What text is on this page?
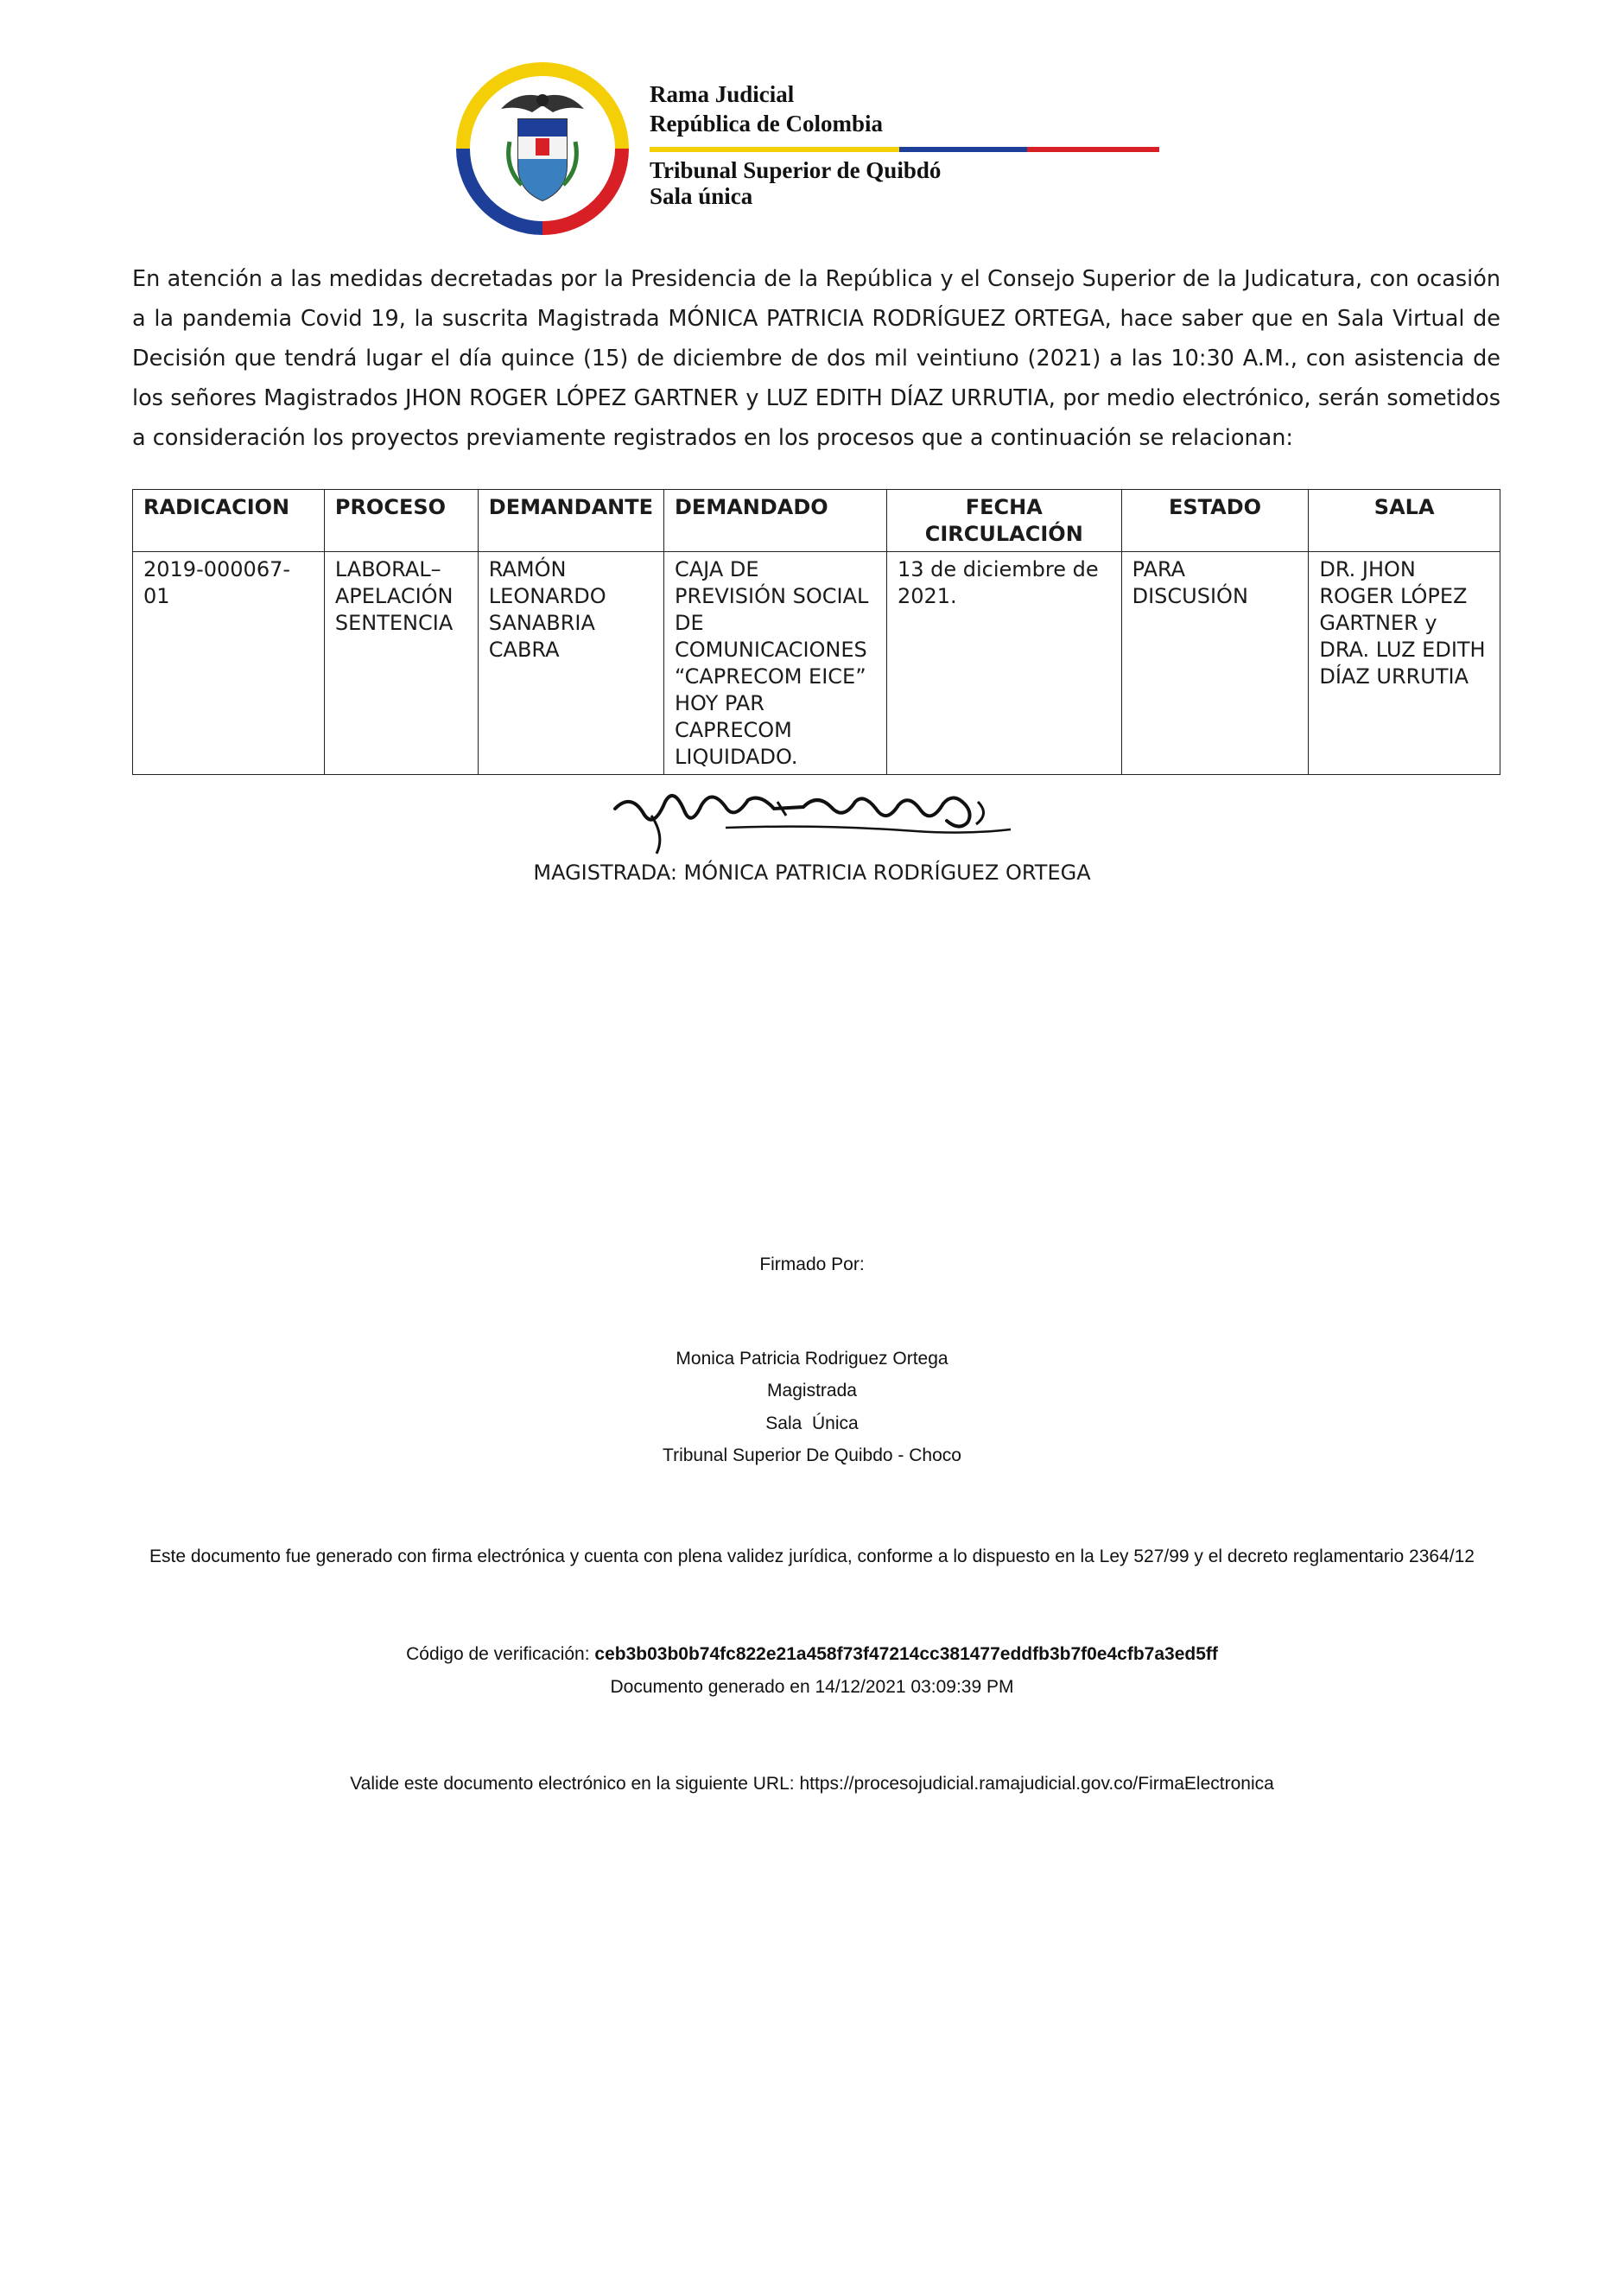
Rama Judicial
República de Colombia
Tribunal Superior de Quibdó
Sala única

En atención a las medidas decretadas por la Presidencia de la República y el Consejo Superior de la Judicatura, con ocasión a la pandemia Covid 19, la suscrita Magistrada MÓNICA PATRICIA RODRÍGUEZ ORTEGA, hace saber que en Sala Virtual de Decisión que tendrá lugar el día quince (15) de diciembre de dos mil veintiuno (2021) a las 10:30 A.M., con asistencia de los señores Magistrados JHON ROGER LÓPEZ GARTNER y LUZ EDITH DÍAZ URRUTIA, por medio electrónico, serán sometidos a consideración los proyectos previamente registrados en los procesos que a continuación se relacionan:

RADICACION	PROCESO	DEMANDANTE	DEMANDADO	FECHA CIRCULACIÓN	ESTADO	SALA
2019-000067-01	LABORAL–APELACIÓN SENTENCIA	RAMÓN LEONARDO SANABRIA CABRA	CAJA DE PREVISIÓN SOCIAL DE COMUNICACIONES “CAPRECOM EICE” HOY PAR CAPRECOM LIQUIDADO.	13 de diciembre de 2021.	PARA DISCUSIÓN	DR. JHON ROGER LÓPEZ GARTNER y DRA. LUZ EDITH DÍAZ URRUTIA
MAGISTRADA: MÓNICA PATRICIA RODRÍGUEZ ORTEGA
Firmado Por:
Monica Patricia Rodriguez Ortega
Magistrada
Sala  Única
Tribunal Superior De Quibdo - Choco
Este documento fue generado con firma electrónica y cuenta con plena validez jurídica, conforme a lo dispuesto en la Ley 527/99 y el decreto reglamentario 2364/12
Código de verificación: ceb3b03b0b74fc822e21a458f73f47214cc381477eddfb3b7f0e4cfb7a3ed5ff
Documento generado en 14/12/2021 03:09:39 PM
Valide este documento electrónico en la siguiente URL: https://procesojudicial.ramajudicial.gov.co/FirmaElectronica
